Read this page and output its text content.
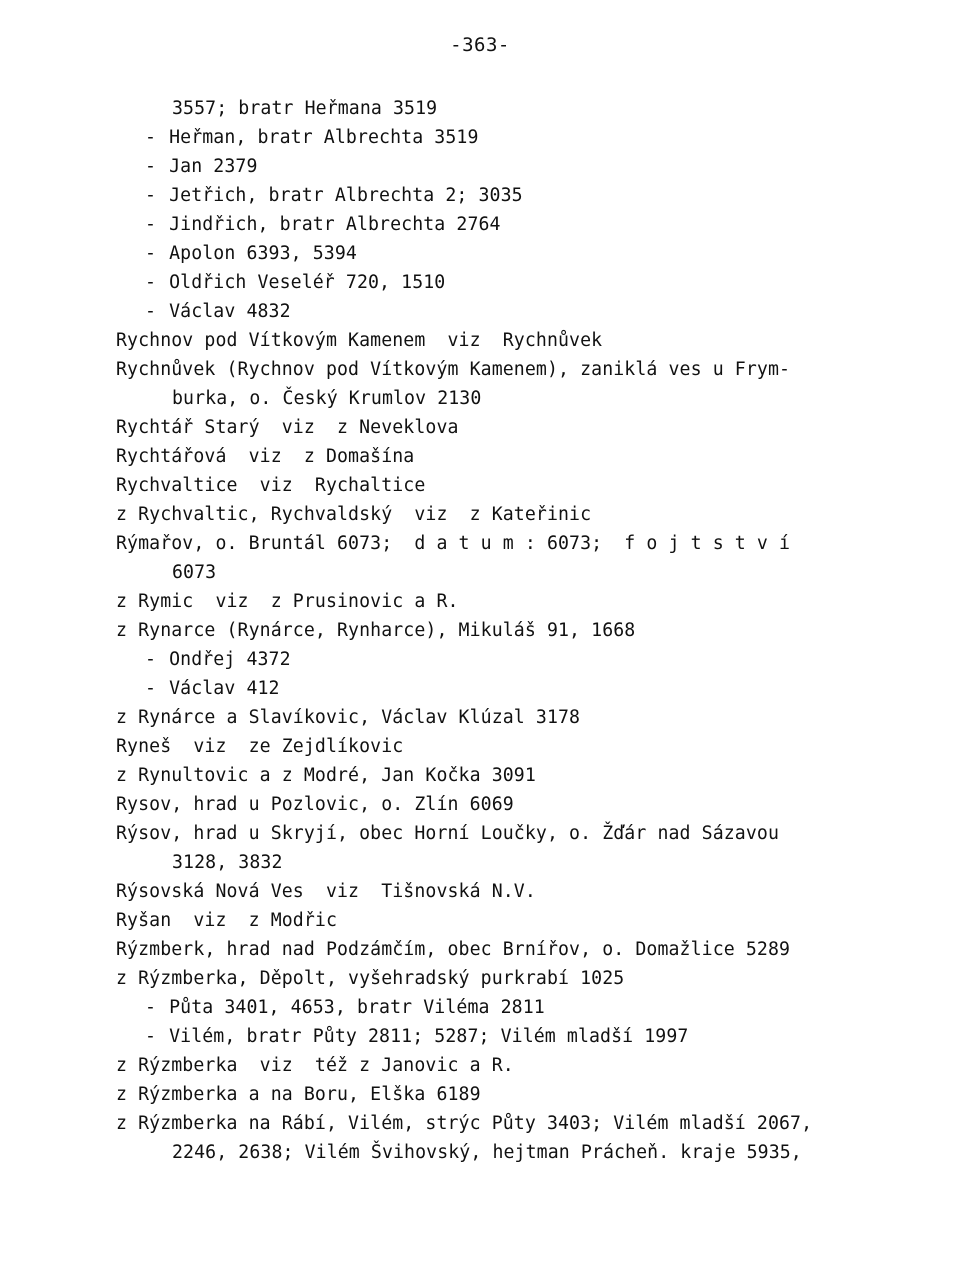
-363-
3557; bratr Heřmana 3519
- Heřman, bratr Albrechta 3519
- Jan 2379
- Jetřich, bratr Albrechta 2; 3035
- Jindřich, bratr Albrechta 2764
- Apolon 6393, 5394
- Oldřich Veseléř 720, 1510
- Václav 4832
Rychnov pod Vítkovým Kamenem  viz  Rychnůvek
Rychnůvek (Rychnov pod Vítkovým Kamenem), zaniklá ves u Frym-
burka, o. Český Krumlov 2130
Rychtář Starý  viz  z Neveklova
Rychtářová  viz  z Domašína
Rychvaltice  viz  Rychaltice
z Rychvaltic, Rychvaldský  viz  z Kateřinic
Rýmařov, o. Bruntál 6073;  d a t u m : 6073;  f o j t s t v í
6073
z Rymic  viz  z Prusinovic a R.
z Rynarce (Rynárce, Rynharce), Mikuláš 91, 1668
- Ondřej 4372
- Václav 412
z Rynárce a Slavíkovic, Václav Klúzal 3178
Ryneš  viz  ze Zejdlíkovic
z Rynultovic a z Modré, Jan Kočka 3091
Rysov, hrad u Pozlovic, o. Zlín 6069
Rýsov, hrad u Skryjí, obec Horní Loučky, o. Žďár nad Sázavou
3128, 3832
Rýsovská Nová Ves  viz  Tišnovská N.V.
Ryšan  viz  z Modřic
Rýzmberk, hrad nad Podzámčím, obec Brnířov, o. Domažlice 5289
z Rýzmberka, Děpolt, vyšehradský purkrabí 1025
- Půta 3401, 4653, bratr Viléma 2811
- Vilém, bratr Půty 2811; 5287; Vilém mladší 1997
z Rýzmberka  viz  též z Janovic a R.
z Rýzmberka a na Boru, Elška 6189
z Rýzmberka na Rábí, Vilém, strýc Půty 3403; Vilém mladší 2067,
2246, 2638; Vilém Švihovský, hejtman Prácheň. kraje 5935,
